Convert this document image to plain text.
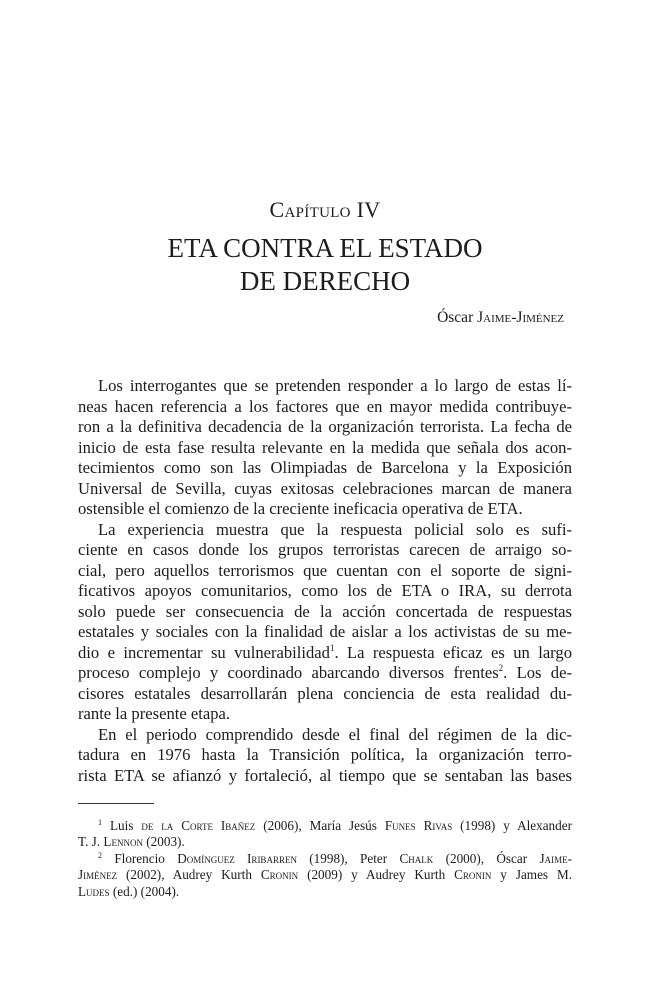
Capítulo IV
ETA CONTRA EL ESTADO
DE DERECHO
Óscar Jaime-Jiménez
Los interrogantes que se pretenden responder a lo largo de estas lí-
neas hacen referencia a los factores que en mayor medida contribuye-
ron a la definitiva decadencia de la organización terrorista. La fecha de
inicio de esta fase resulta relevante en la medida que señala dos acon-
tecimientos como son las Olimpiadas de Barcelona y la Exposición
Universal de Sevilla, cuyas exitosas celebraciones marcan de manera
ostensible el comienzo de la creciente ineficacia operativa de ETA.
La experiencia muestra que la respuesta policial solo es sufi-
ciente en casos donde los grupos terroristas carecen de arraigo so-
cial, pero aquellos terrorismos que cuentan con el soporte de signi-
ficativos apoyos comunitarios, como los de ETA o IRA, su derrota
solo puede ser consecuencia de la acción concertada de respuestas
estatales y sociales con la finalidad de aislar a los activistas de su me-
dio e incrementar su vulnerabilidad$^1$. La respuesta eficaz es un largo
proceso complejo y coordinado abarcando diversos frentes$^2$. Los de-
cisores estatales desarrollarán plena conciencia de esta realidad du-
rante la presente etapa.
En el periodo comprendido desde el final del régimen de la dic-
tadura en 1976 hasta la Transición política, la organización terro-
rista ETA se afianzó y fortaleció, al tiempo que se sentaban las bases
$^1$ Luis de la Corte Ibañez (2006), María Jesús Funes Rivas (1998) y Alexander
T. J. Lennon (2003).
$^2$ Florencio Domínguez Iribarren (1998), Peter Chalk (2000), Óscar Jaime-
Jiménez (2002), Audrey Kurth Cronin (2009) y Audrey Kurth Cronin y James M.
Ludes (ed.) (2004).
